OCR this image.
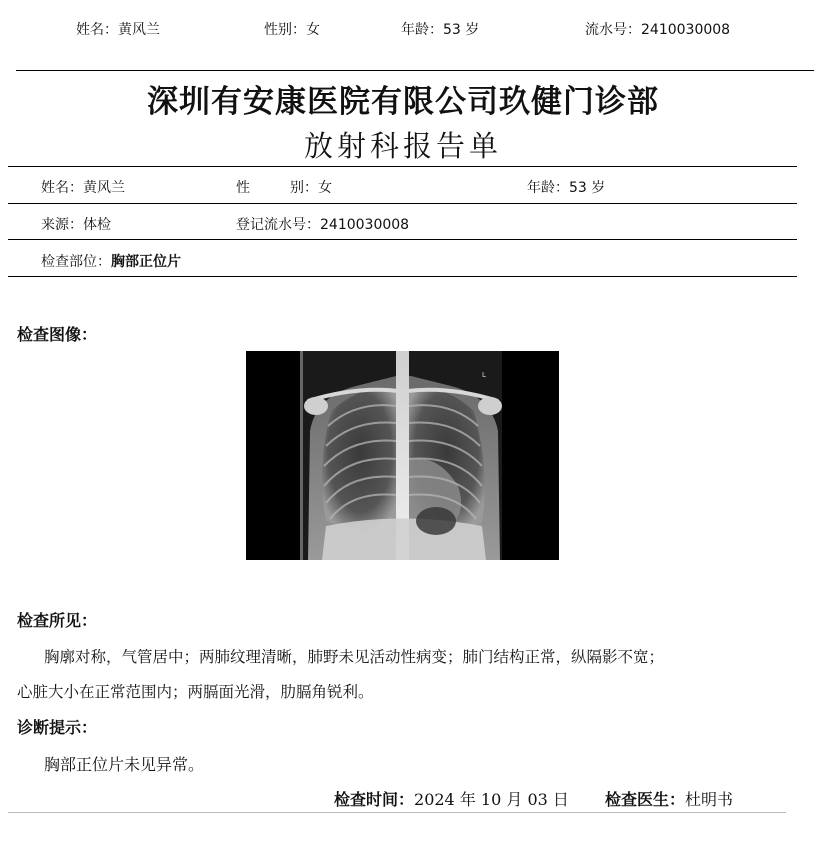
姓名：黄风兰	性别：女	年龄：53 岁	流水号：2410030008
深圳有安康医院有限公司玖健门诊部
放射科报告单
姓名：黄风兰	性	别：女	年龄：53 岁
来源：体检	登记流水号：2410030008
检查部位：胸部正位片
检查图像：
L
检查所见：
胸廓对称，气管居中；两肺纹理清晰，肺野未见活动性病变；肺门结构正常，纵隔影不宽；
心脏大小在正常范围内；两膈面光滑，肋膈角锐利。
诊断提示：
胸部正位片未见异常。
检查时间：2024 年 10 月 03 日 检查医生：杜明书
